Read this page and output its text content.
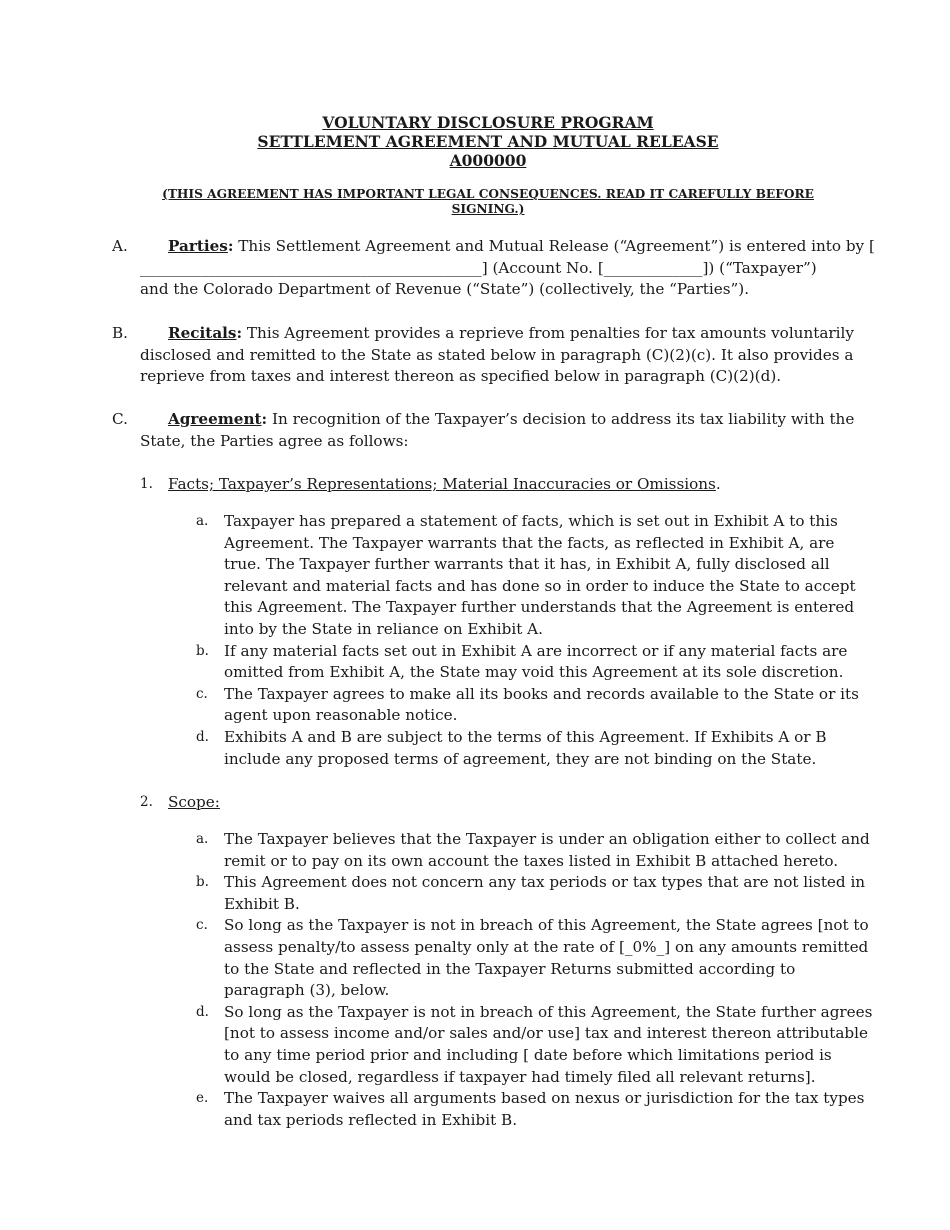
VOLUNTARY DISCLOSURE PROGRAM
SETTLEMENT AGREEMENT AND MUTUAL RELEASE
A000000
(THIS AGREEMENT HAS IMPORTANT LEGAL CONSEQUENCES. READ IT CAREFULLY BEFORE
SIGNING.)
A.	Parties: This Settlement Agreement and Mutual Release (“Agreement”) is entered into by [
_____________________________________________] (Account No. [_____________]) (“Taxpayer”)
and the Colorado Department of Revenue (“State”) (collectively, the “Parties”).
B.	Recitals: This Agreement provides a reprieve from penalties for tax amounts voluntarily
disclosed and remitted to the State as stated below in paragraph (C)(2)(c). It also provides a
reprieve from taxes and interest thereon as specified below in paragraph (C)(2)(d).
C.	Agreement: In recognition of the Taxpayer’s decision to address its tax liability with the
State, the Parties agree as follows:
1. Facts; Taxpayer’s Representations; Material Inaccuracies or Omissions.
a. Taxpayer has prepared a statement of facts, which is set out in Exhibit A to this Agreement. The Taxpayer warrants that the facts, as reflected in Exhibit A, are true. The Taxpayer further warrants that it has, in Exhibit A, fully disclosed all relevant and material facts and has done so in order to induce the State to accept this Agreement. The Taxpayer further understands that the Agreement is entered into by the State in reliance on Exhibit A.
b. If any material facts set out in Exhibit A are incorrect or if any material facts are omitted from Exhibit A, the State may void this Agreement at its sole discretion.
c. The Taxpayer agrees to make all its books and records available to the State or its agent upon reasonable notice.
d. Exhibits A and B are subject to the terms of this Agreement. If Exhibits A or B include any proposed terms of agreement, they are not binding on the State.
2. Scope:
a. The Taxpayer believes that the Taxpayer is under an obligation either to collect and remit or to pay on its own account the taxes listed in Exhibit B attached hereto.
b. This Agreement does not concern any tax periods or tax types that are not listed in Exhibit B.
c. So long as the Taxpayer is not in breach of this Agreement, the State agrees [not to assess penalty/to assess penalty only at the rate of [_0%_] on any amounts remitted to the State and reflected in the Taxpayer Returns submitted according to paragraph (3), below.
d. So long as the Taxpayer is not in breach of this Agreement, the State further agrees [not to assess income and/or sales and/or use] tax and interest thereon attributable to any time period prior and including [ date before which limitations period is would be closed, regardless if taxpayer had timely filed all relevant returns].
e. The Taxpayer waives all arguments based on nexus or jurisdiction for the tax types and tax periods reflected in Exhibit B.
